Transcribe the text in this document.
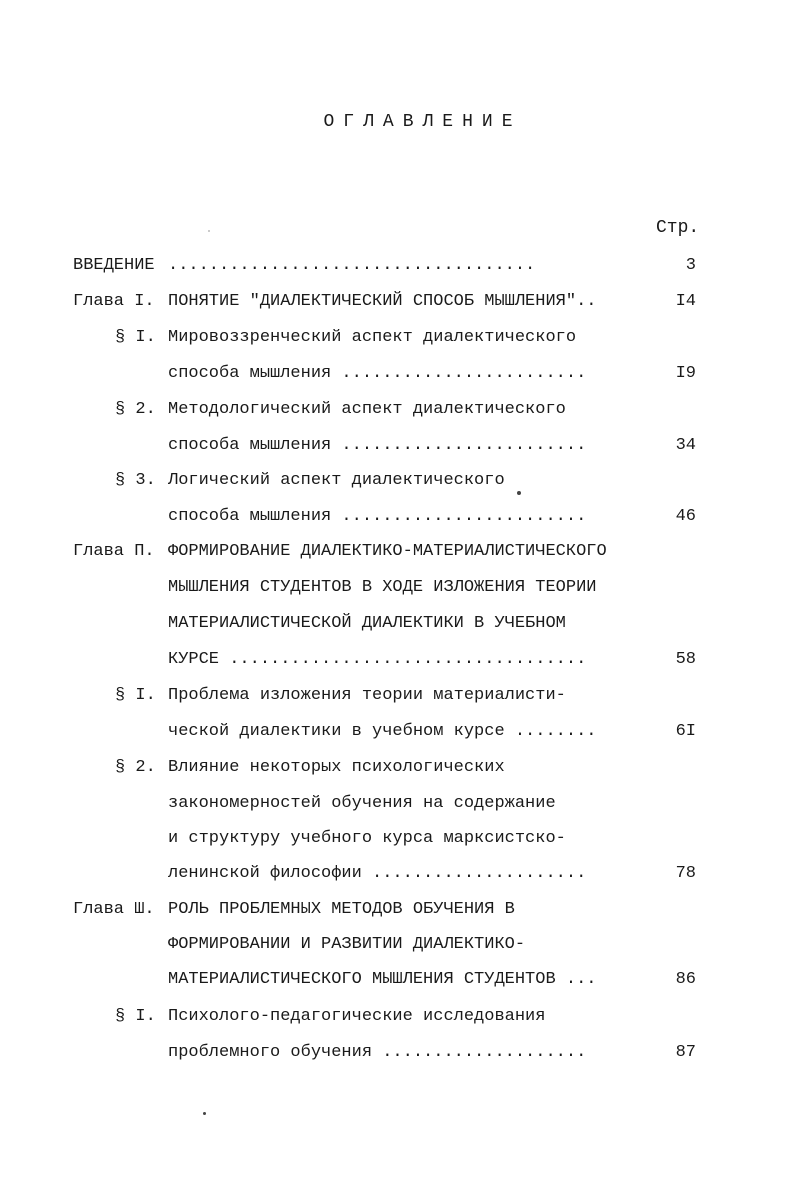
ОГЛАВЛЕНИЕ
Стр.
ВВЕДЕНИЕ ....................................	3
Глава I. ПОНЯТИЕ "ДИАЛЕКТИЧЕСКИЙ СПОСОБ МЫШЛЕНИЯ"..	I4
§ I. Мировоззренческий аспект диалектического
способа мышления ........................	I9
§ 2. Методологический аспект диалектического
способа мышления ........................	34
§ 3. Логический аспект диалектического
способа мышления ........................	46
Глава П. ФОРМИРОВАНИЕ ДИАЛЕКТИКО-МАТЕРИАЛИСТИЧЕСКОГО
МЫШЛЕНИЯ СТУДЕНТОВ В ХОДЕ ИЗЛОЖЕНИЯ ТЕОРИИ
МАТЕРИАЛИСТИЧЕСКОЙ ДИАЛЕКТИКИ В УЧЕБНОМ
КУРСЕ ...................................	58
§ I. Проблема изложения теории материалисти-
ческой диалектики в учебном курсе ........	6I
§ 2. Влияние некоторых психологических
закономерностей обучения на содержание
и структуру учебного курса марксистско-
ленинской философии .....................	78
Глава Ш. РОЛЬ ПРОБЛЕМНЫХ МЕТОДОВ ОБУЧЕНИЯ В
ФОРМИРОВАНИИ И РАЗВИТИИ ДИАЛЕКТИКО-
МАТЕРИАЛИСТИЧЕСКОГО МЫШЛЕНИЯ СТУДЕНТОВ ...	86
§ I. Психолого-педагогические исследования
проблемного обучения ....................	87
